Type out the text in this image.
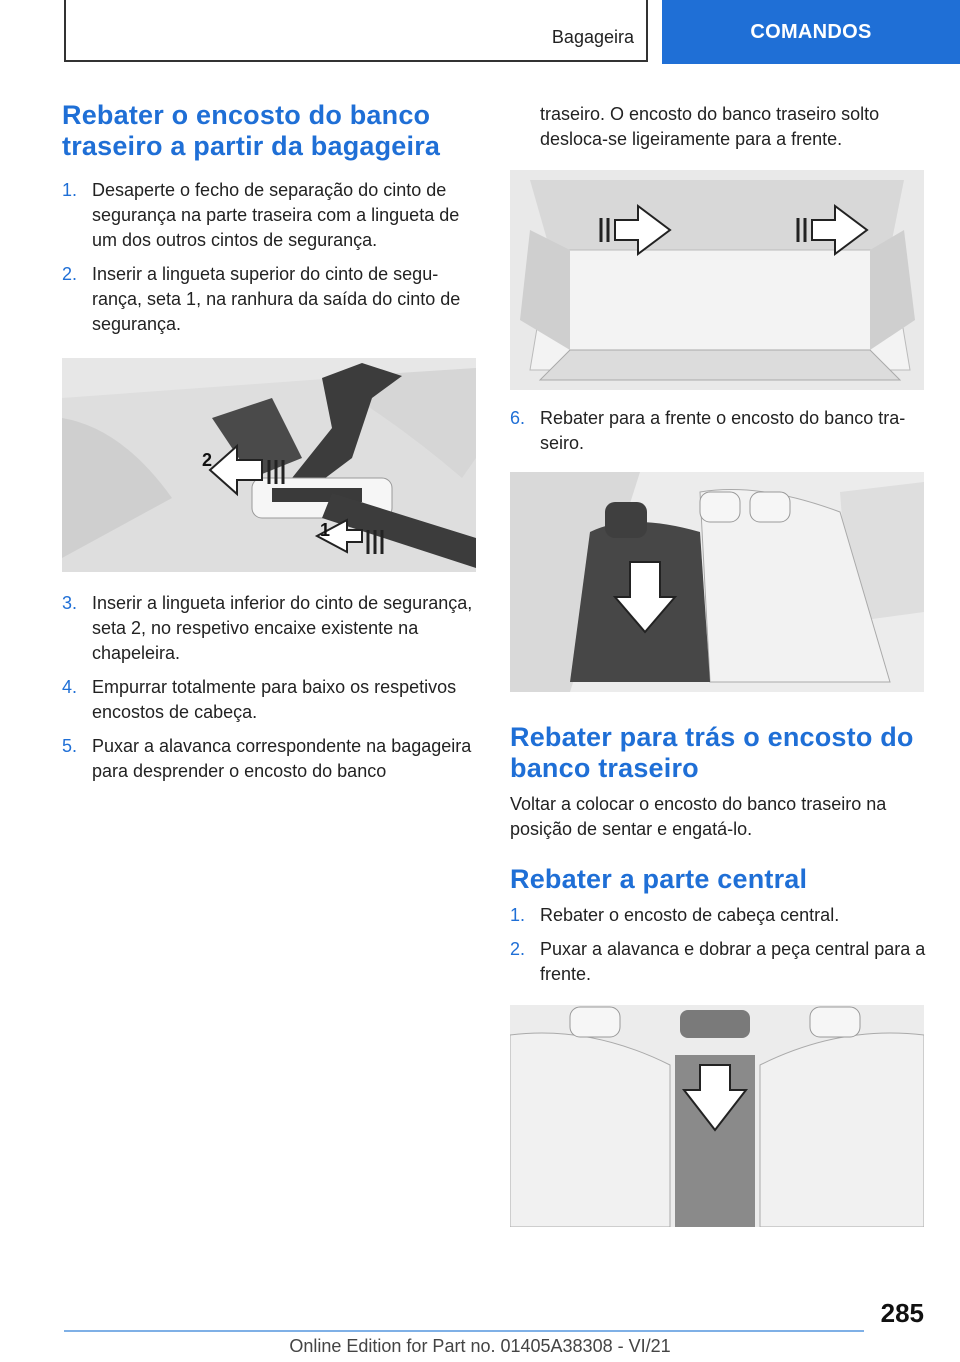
Bagageira	COMANDOS
Rebater o encosto do banco traseiro a partir da bagageira
1. Desaperte o fecho de separação do cinto de segurança na parte traseira com a lingueta de um dos outros cintos de segurança.
2. Inserir a lingueta superior do cinto de segurança, seta 1, na ranhura da saída do cinto de segurança.
2
1
3. Inserir a lingueta inferior do cinto de segurança, seta 2, no respetivo encaixe existente na chapeleira.
4. Empurrar totalmente para baixo os respetivos encostos de cabeça.
5. Puxar a alavanca correspondente na bagageira para desprender o encosto do banco

traseiro. O encosto do banco traseiro solto desloca-se ligeiramente para a frente.

6. Rebater para a frente o encosto do banco traseiro.
Rebater para trás o encosto do banco traseiro

Voltar a colocar o encosto do banco traseiro na posição de sentar e engatá-lo.

Rebater a parte central
1. Rebater o encosto de cabeça central.
2. Puxar a alavanca e dobrar a peça central para a frente.
285
Online Edition for Part no. 01405A38308 - VI/21
